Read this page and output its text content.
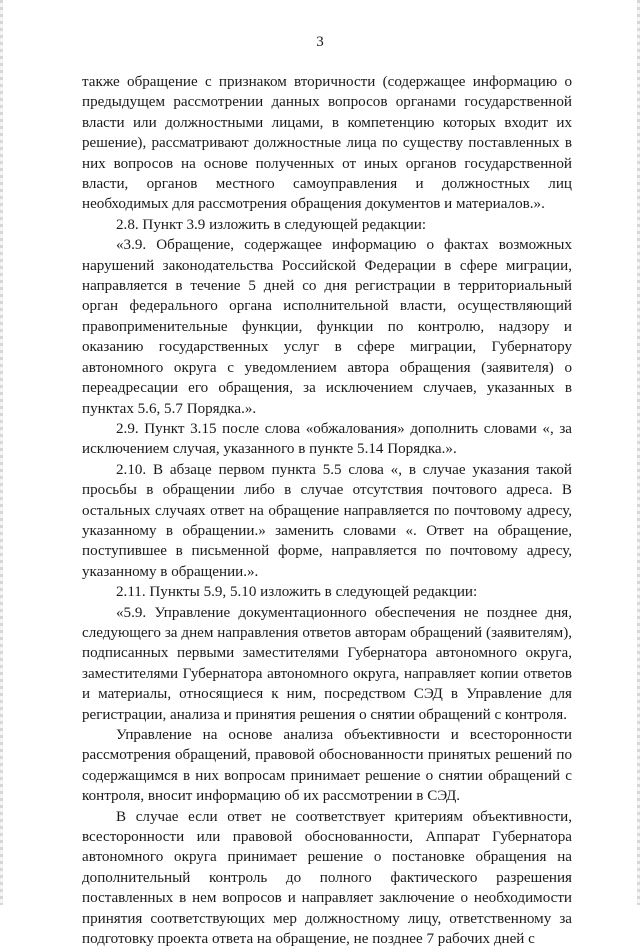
3

также обращение с признаком вторичности (содержащее информацию о предыдущем рассмотрении данных вопросов органами государственной власти или должностными лицами, в компетенцию которых входит их решение), рассматривают должностные лица по существу поставленных в них вопросов на основе полученных от иных органов государственной власти, органов местного самоуправления и должностных лиц необходимых для рассмотрения обращения документов и материалов.».

2.8. Пункт 3.9 изложить в следующей редакции:

«3.9. Обращение, содержащее информацию о фактах возможных нарушений законодательства Российской Федерации в сфере миграции, направляется в течение 5 дней со дня регистрации в территориальный орган федерального органа исполнительной власти, осуществляющий правоприменительные функции, функции по контролю, надзору и оказанию государственных услуг в сфере миграции, Губернатору автономного округа с уведомлением автора обращения (заявителя) о переадресации его обращения, за исключением случаев, указанных в пунктах 5.6, 5.7 Порядка.».

2.9. Пункт 3.15 после слова «обжалования» дополнить словами «, за исключением случая, указанного в пункте 5.14 Порядка.».

2.10. В абзаце первом пункта 5.5 слова «, в случае указания такой просьбы в обращении либо в случае отсутствия почтового адреса. В остальных случаях ответ на обращение направляется по почтовому адресу, указанному в обращении.» заменить словами «. Ответ на обращение, поступившее в письменной форме, направляется по почтовому адресу, указанному в обращении.».

2.11. Пункты 5.9, 5.10 изложить в следующей редакции:

«5.9. Управление документационного обеспечения не позднее дня, следующего за днем направления ответов авторам обращений (заявителям), подписанных первыми заместителями Губернатора автономного округа, заместителями Губернатора автономного округа, направляет копии ответов и материалы, относящиеся к ним, посредством СЭД в Управление для регистрации, анализа и принятия решения о снятии обращений с контроля.

Управление на основе анализа объективности и всесторонности рассмотрения обращений, правовой обоснованности принятых решений по содержащимся в них вопросам принимает решение о снятии обращений с контроля, вносит информацию об их рассмотрении в СЭД.

В случае если ответ не соответствует критериям объективности, всесторонности или правовой обоснованности, Аппарат Губернатора автономного округа принимает решение о постановке обращения на дополнительный контроль до полного фактического разрешения поставленных в нем вопросов и направляет заключение о необходимости принятия соответствующих мер должностному лицу, ответственному за подготовку проекта ответа на обращение, не позднее 7 рабочих дней с
